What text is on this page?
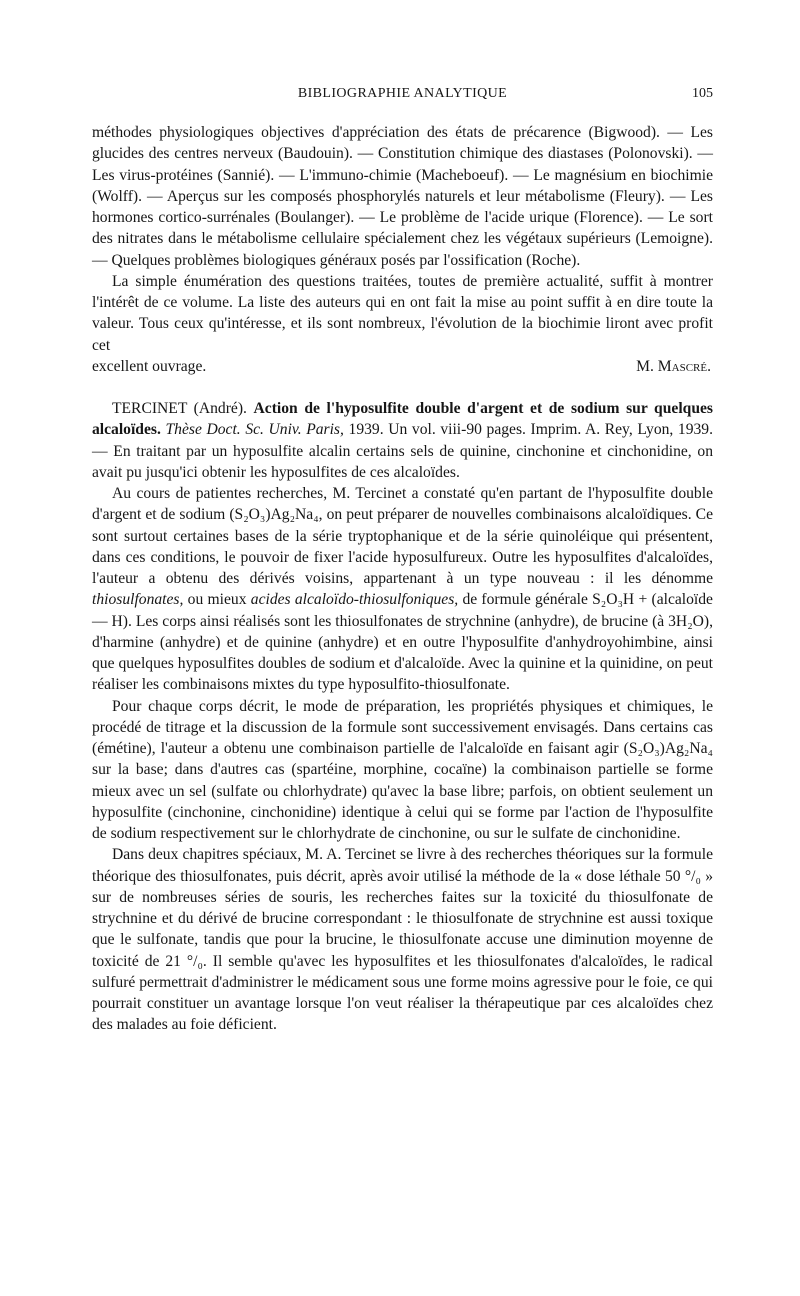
BIBLIOGRAPHIE ANALYTIQUE	105

méthodes physiologiques objectives d'appréciation des états de précarence (Bigwood). — Les glucides des centres nerveux (Baudouin). — Constitution chimique des diastases (Polonovski). — Les virus-protéines (Sannié). — L'immuno-chimie (Macheboeuf). — Le magnésium en biochimie (Wolff). — Aperçus sur les composés phosphorylés naturels et leur métabolisme (Fleury). — Les hormones cortico-surrénales (Boulanger). — Le problème de l'acide urique (Florence). — Le sort des nitrates dans le métabolisme cellulaire spécialement chez les végétaux supérieurs (Lemoigne). — Quelques problèmes biologiques généraux posés par l'ossification (Roche).

La simple énumération des questions traitées, toutes de première actualité, suffit à montrer l'intérêt de ce volume. La liste des auteurs qui en ont fait la mise au point suffit à en dire toute la valeur. Tous ceux qu'intéresse, et ils sont nombreux, l'évolution de la biochimie liront avec profit cet

excellent ouvrage.	M. Mascré.

TERCINET (André). Action de l'hyposulfite double d'argent et de sodium sur quelques alcaloïdes. Thèse Doct. Sc. Univ. Paris, 1939. Un vol. viii-90 pages. Imprim. A. Rey, Lyon, 1939. — En traitant par un hyposulfite alcalin certains sels de quinine, cinchonine et cinchonidine, on avait pu jusqu'ici obtenir les hyposulfites de ces alcaloïdes.

Au cours de patientes recherches, M. Tercinet a constaté qu'en partant de l'hyposulfite double d'argent et de sodium (S₂O₃)Ag₂Na₄, on peut préparer de nouvelles combinaisons alcaloïdiques. Ce sont surtout certaines bases de la série tryptophanique et de la série quinoléique qui présentent, dans ces conditions, le pouvoir de fixer l'acide hyposulfureux. Outre les hyposulfites d'alcaloïdes, l'auteur a obtenu des dérivés voisins, appartenant à un type nouveau : il les dénomme thiosulfonates, ou mieux acides alcaloïdo-thiosulfoniques, de formule générale S₂O₃H + (alcaloïde — H). Les corps ainsi réalisés sont les thiosulfonates de strychnine (anhydre), de brucine (à 3H₂O), d'harmine (anhydre) et de quinine (anhydre) et en outre l'hyposulfite d'anhydroyohimbine, ainsi que quelques hyposulfites doubles de sodium et d'alcaloïde. Avec la quinine et la quinidine, on peut réaliser les combinaisons mixtes du type hyposulfito-thiosulfonate.

Pour chaque corps décrit, le mode de préparation, les propriétés physiques et chimiques, le procédé de titrage et la discussion de la formule sont successivement envisagés. Dans certains cas (émétine), l'auteur a obtenu une combinaison partielle de l'alcaloïde en faisant agir (S₂O₃)Ag₂Na₄ sur la base; dans d'autres cas (spartéine, morphine, cocaïne) la combinaison partielle se forme mieux avec un sel (sulfate ou chlorhydrate) qu'avec la base libre; parfois, on obtient seulement un hyposulfite (cinchonine, cinchonidine) identique à celui qui se forme par l'action de l'hyposulfite de sodium respectivement sur le chlorhydrate de cinchonine, ou sur le sulfate de cinchonidine.

Dans deux chapitres spéciaux, M. A. Tercinet se livre à des recherches théoriques sur la formule théorique des thiosulfonates, puis décrit, après avoir utilisé la méthode de la « dose léthale 50 °/₀ » sur de nombreuses séries de souris, les recherches faites sur la toxicité du thiosulfonate de strychnine et du dérivé de brucine correspondant : le thiosulfonate de strychnine est aussi toxique que le sulfonate, tandis que pour la brucine, le thiosulfonate accuse une diminution moyenne de toxicité de 21 °/₀. Il semble qu'avec les hyposulfites et les thiosulfonates d'alcaloïdes, le radical sulfuré permettrait d'administrer le médicament sous une forme moins agressive pour le foie, ce qui pourrait constituer un avantage lorsque l'on veut réaliser la thérapeutique par ces alcaloïdes chez des malades au foie déficient.
